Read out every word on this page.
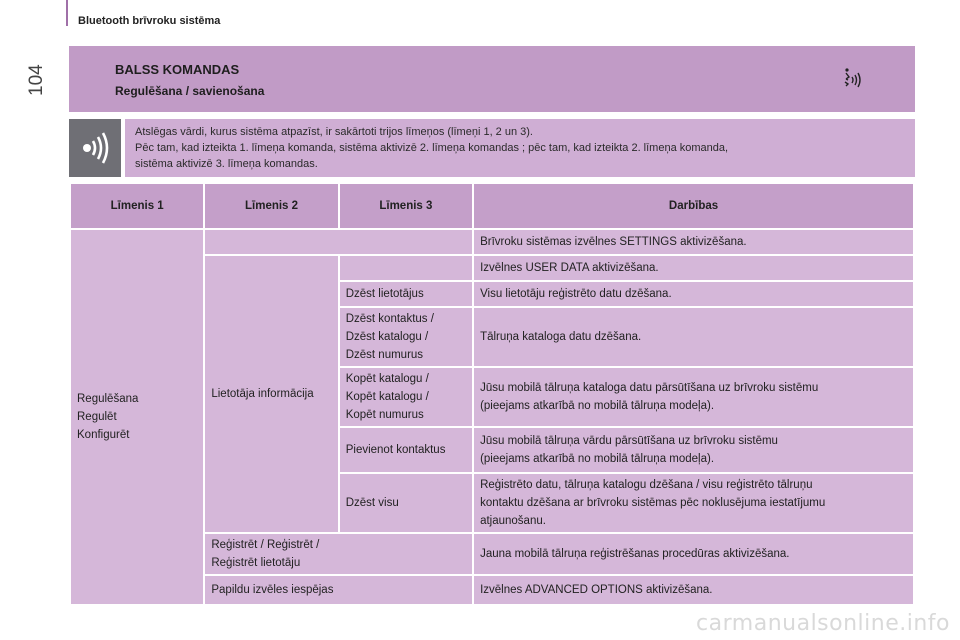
104
Bluetooth brīvroku sistēma
BALSS KOMANDAS
Regulēšana / savienošana
Atslēgas vārdi, kurus sistēma atpazīst, ir sakārtoti trijos līmeņos (līmeņi 1, 2 un 3).
Pēc tam, kad izteikta 1. līmeņa komanda, sistēma aktivizē 2. līmeņa komandas ; pēc tam, kad izteikta 2. līmeņa komanda,
sistēma aktivizē 3. līmeņa komandas.
Līmenis 1	Līmenis 2	Līmenis 3	Darbības

Regulēšana
Regulēt
Konfigurēt			Brīvroku sistēmas izvēlnes SETTINGS aktivizēšana.
	Lietotāja informācija		Izvēlnes USER DATA aktivizēšana.
		Dzēst lietotājus	Visu lietotāju reģistrēto datu dzēšana.

		Dzēst kontaktus /
Dzēst katalogu /
Dzēst numurus	Tālruņa kataloga datu dzēšana.

		Kopēt katalogu /
Kopēt katalogu /
Kopēt numurus	Jūsu mobilā tālruņa kataloga datu pārsūtīšana uz brīvroku sistēmu
(pieejams atkarībā no mobilā tālruņa modeļa).

		Pievienot kontaktus	Jūsu mobilā tālruņa vārdu pārsūtīšana uz brīvroku sistēmu
(pieejams atkarībā no mobilā tālruņa modeļa).

		Dzēst visu	Reģistrēto datu, tālruņa katalogu dzēšana / visu reģistrēto tālruņu
kontaktu dzēšana ar brīvroku sistēmas pēc noklusējuma iestatījumu
atjaunošanu.

	Reģistrēt / Reģistrēt /
Reģistrēt lietotāju		Jauna mobilā tālruņa reģistrēšanas procedūras aktivizēšana.
	Papildu izvēles iespējas		Izvēlnes ADVANCED OPTIONS aktivizēšana.
carmanualsonline.info
